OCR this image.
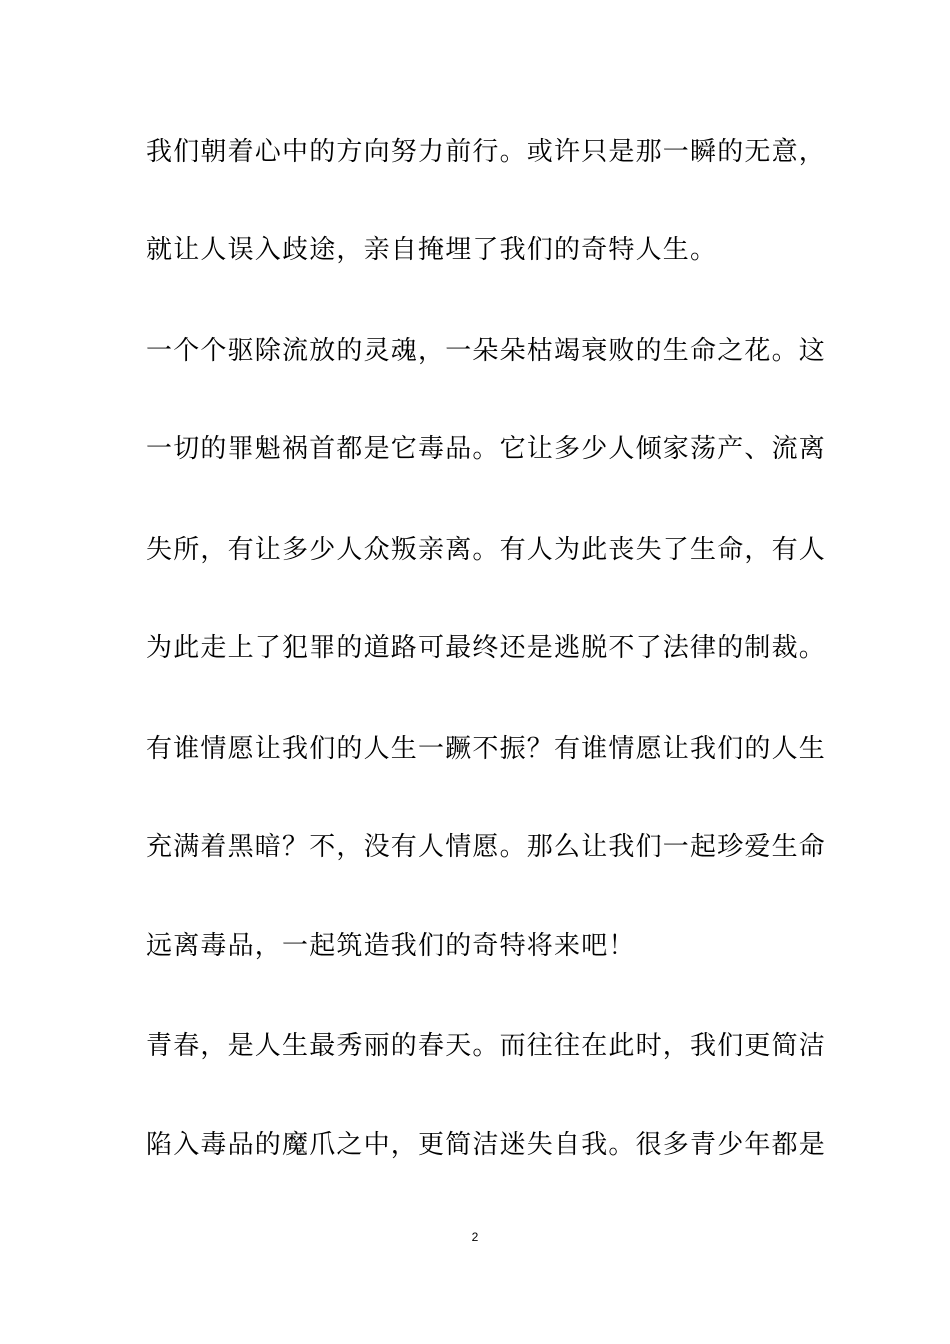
我们朝着心中的方向努力前行。或许只是那一瞬的无意，
就让人误入歧途，亲自掩埋了我们的奇特人生。
一个个驱除流放的灵魂，一朵朵枯竭衰败的生命之花。这
一切的罪魁祸首都是它毒品。它让多少人倾家荡产、流离
失所，有让多少人众叛亲离。有人为此丧失了生命，有人
为此走上了犯罪的道路可最终还是逃脱不了法律的制裁。
有谁情愿让我们的人生一蹶不振？有谁情愿让我们的人生
充满着黑暗？不，没有人情愿。那么让我们一起珍爱生命
远离毒品，一起筑造我们的奇特将来吧！
青春，是人生最秀丽的春天。而往往在此时，我们更简洁
陷入毒品的魔爪之中，更简洁迷失自我。很多青少年都是
2
